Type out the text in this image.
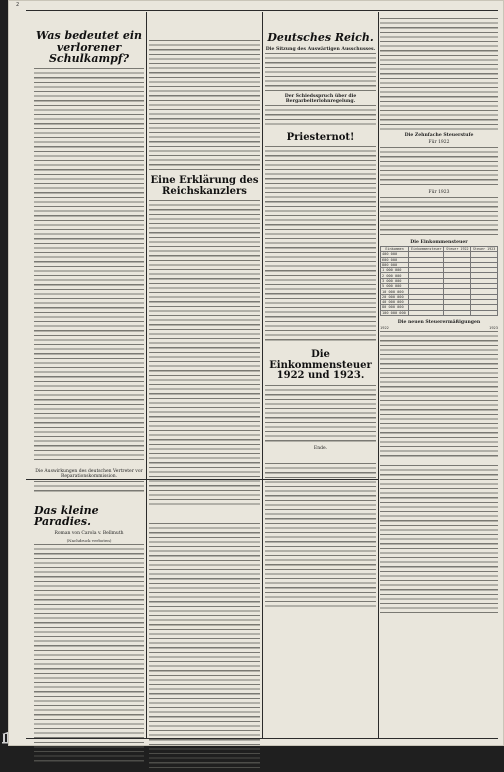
2
Was bedeutet ein verlorener Schulkampf?
Die Auswirkungen des deutschen Vertreter vor Reparationskommission.
Das kleine Paradies.
Roman von Carola v. Bellmuth
(Nachdruck verboten)
Eine Erklärung des Reichskanzlers
Deutsches Reich.
Die Sitzung des Auswärtigen Ausschusses.
Der Schiedsspruch über die Bergarbeiterlohnregelung.
Priesternot!
Die Einkommensteuer 1922 und 1923.
Ende.
Die Zehnfache Steuerstufe
Für 1922
Für 1923
Die Einkommensteuer
Einkommen	Einkommensteuer	Steuer 1922	Steuer 1923
400 000			
600 000			
800 000			
1 000 000			
2 000 000			
3 000 000			
5 000 000			
10 000 000			
20 000 000			
40 000 000			
80 000 000			
100 000 000			
Die neuen Steuerermäßigungen
1922	1923
